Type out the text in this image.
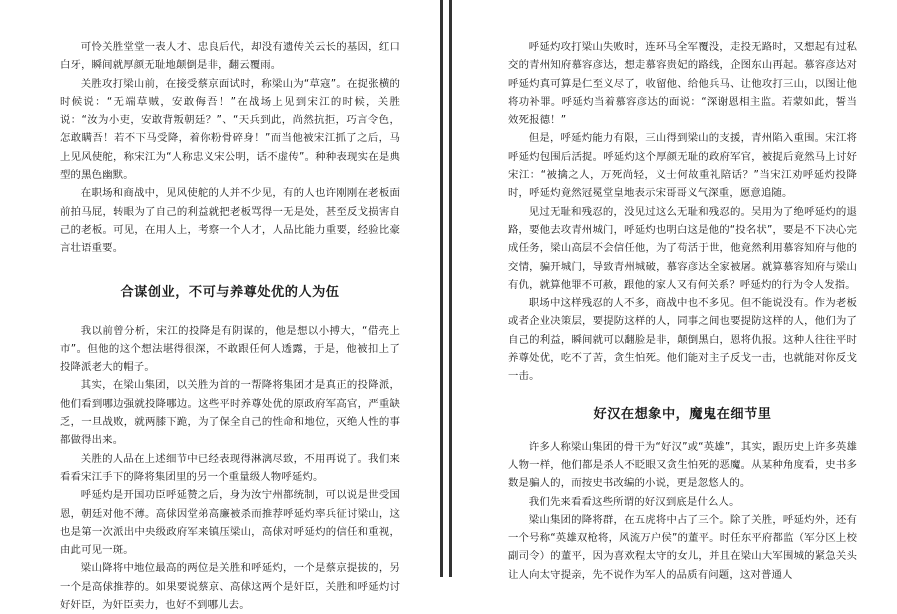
可怜关胜堂堂一表人才、忠良后代，却没有遗传关云长的基因，红口白牙，瞬间就厚颜无耻地颠倒是非，翻云覆雨。

关胜攻打梁山前，在接受蔡京面试时，称梁山为“草寇”。在捉张横的时候说：“无端草贼，安敢侮吾！”在战场上见到宋江的时候，关胜说：“汝为小吏，安敢背叛朝廷？”、“天兵到此，尚然抗拒，巧言令色，怎敢瞒吾！若不下马受降，着你粉骨碎身！”而当他被宋江抓了之后，马上见风使舵，称宋江为“人称忠义宋公明，话不虚传”。种种表现实在是典型的黑色幽默。

在职场和商战中，见风使舵的人并不少见，有的人也许刚刚在老板面前拍马屁，转眼为了自己的利益就把老板骂得一无是处，甚至反戈损害自己的老板。可见，在用人上，考察一个人才，人品比能力重要，经验比豪言壮语重要。

合谋创业，不可与养尊处优的人为伍

我以前曾分析，宋江的投降是有阴谋的，他是想以小搏大，“借壳上市”。但他的这个想法堪得很深，不敢跟任何人透露，于是，他被扣上了投降派老大的帽子。

其实，在梁山集团，以关胜为首的一帮降将集团才是真正的投降派，他们看到哪边强就投降哪边。这些平时养尊处优的原政府军高官，严重缺乏，一旦战败，就两膝下跪，为了保全自己的性命和地位，灭绝人性的事都做得出来。

关胜的人品在上述细节中已经表现得淋漓尽致，不用再说了。我们来看看宋江手下的降将集团里的另一个重量级人物呼延灼。

呼延灼是开国功臣呼延赞之后，身为汝宁州都统制，可以说是世受国恩，朝廷对他不薄。高俅因堂弟高廉被杀而推荐呼延灼率兵征讨梁山，这也是第一次派出中央级政府军来镇压梁山，高俅对呼延灼的信任和重视，由此可见一斑。

梁山降将中地位最高的两位是关胜和呼延灼，一个是蔡京提拔的，另一个是高俅推荐的。如果要说蔡京、高俅这两个是奸臣，关胜和呼延灼讨好奸臣，为奸臣卖力，也好不到哪儿去。

呼延灼攻打梁山失败时，连环马全军覆没，走投无路时，又想起有过私交的青州知府慕容彦达，想走慕容贵妃的路线，企图东山再起。慕容彦达对呼延灼真可算是仁至义尽了，收留他、给他兵马、让他攻打三山，以图让他将功补罪。呼延灼当着慕容彦达的面说：“深谢恩相主监。若蒙如此，誓当效死报德！”

但是，呼延灼能力有限，三山得到梁山的支援，青州陷入重围。宋江将呼延灼包围后活捉。呼延灼这个厚颜无耻的政府军官，被捉后竟然马上讨好宋江：“被擒之人，万死尚轻，义士何故重礼陪话？”当宋江劝呼延灼投降时，呼延灼竟然冠冕堂皇地表示宋哥哥义气深重，愿意追随。

见过无耻和残忍的，没见过这么无耻和残忍的。吴用为了绝呼延灼的退路，要他去攻青州城门，呼延灼也明白这是他的“投名状”，要是不下决心完成任务，梁山高层不会信任他，为了苟活于世，他竟然利用慕容知府与他的交情，骗开城门，导致青州城破，慕容彦达全家被屠。就算慕容知府与梁山有仇，就算他罪不可赦，跟他的家人又有何关系？呼延灼的行为令人发指。

职场中这样残忍的人不多，商战中也不多见。但不能说没有。作为老板或者企业决策层，要提防这样的人，同事之间也要提防这样的人，他们为了自己的利益，瞬间就可以翻脸是非，颠倒黑白，恩将仇报。这种人往往平时养尊处优，吃不了苦，贪生怕死。他们能对主子反戈一击，也就能对你反戈一击。

好汉在想象中，魔鬼在细节里

许多人称梁山集团的骨干为“好汉”或“英雄”，其实，跟历史上许多英雄人物一样，他们都是杀人不眨眼又贪生怕死的恶魔。从某种角度看，史书多数是骗人的，而按史书改编的小说，更是忽悠人的。

我们先来看看这些所谓的好汉到底是什么人。

梁山集团的降将群，在五虎将中占了三个。除了关胜，呼延灼外，还有一个号称“英雄双枪将，风流万户侯”的董平。时任东平府都监（军分区上校副司令）的董平，因为喜欢程太守的女儿，并且在梁山大军围城的紧急关头让人向太守提亲，先不说作为军人的品质有问题，这对普通人
